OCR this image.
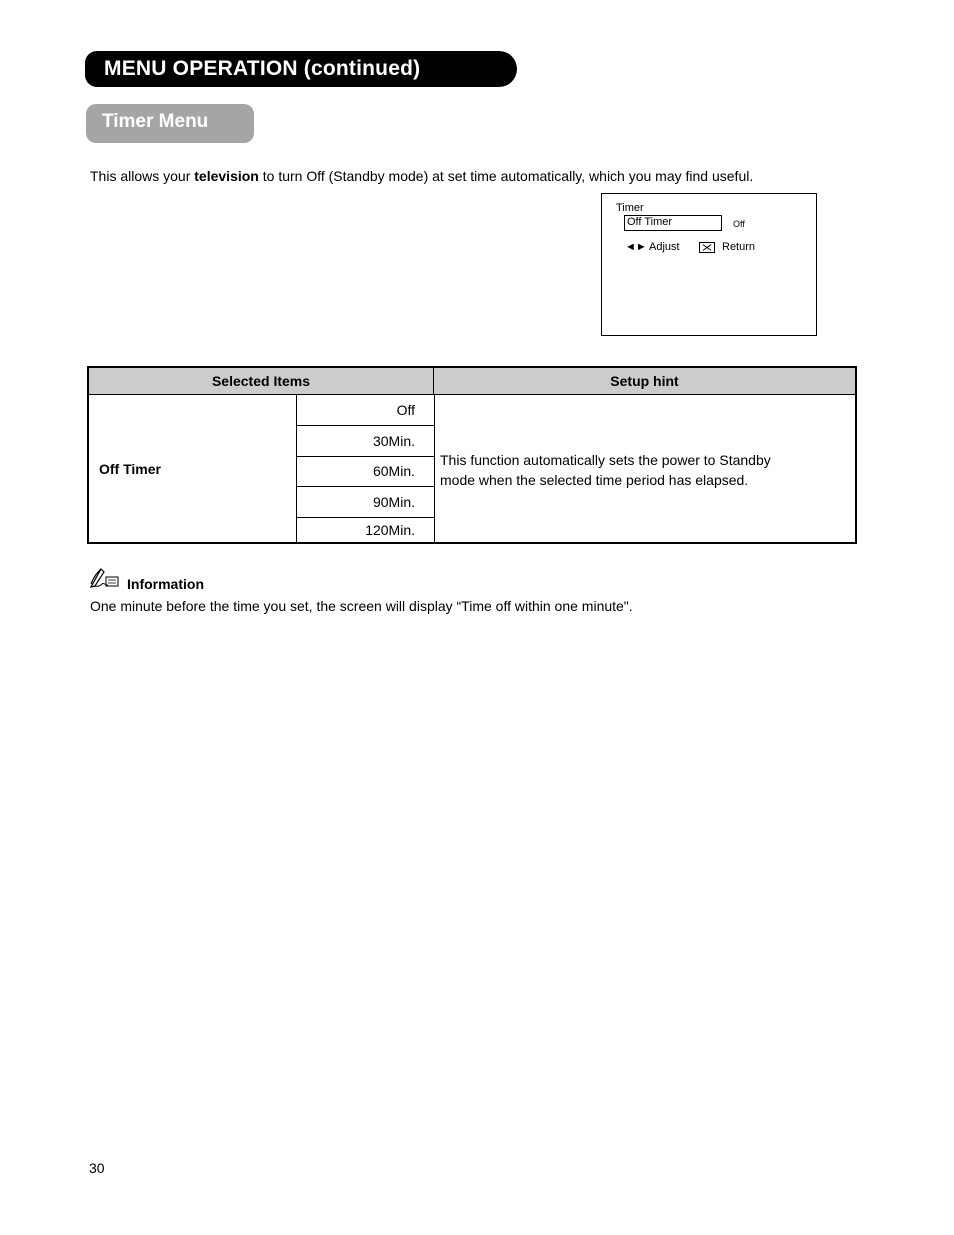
MENU OPERATION (continued)
Timer Menu
This allows your television to turn Off (Standby mode) at set time automatically, which you may find useful.
Timer
Off Timer	Off
◄► Adjust	Return
Selected Items	Setup hint
Off Timer
Off
30Min.
60Min.
90Min.
120Min.
This function automatically sets the power to Standby
mode when the selected time period has elapsed.
Information
One minute before the time you set, the screen will display “Time off within one minute".
30
